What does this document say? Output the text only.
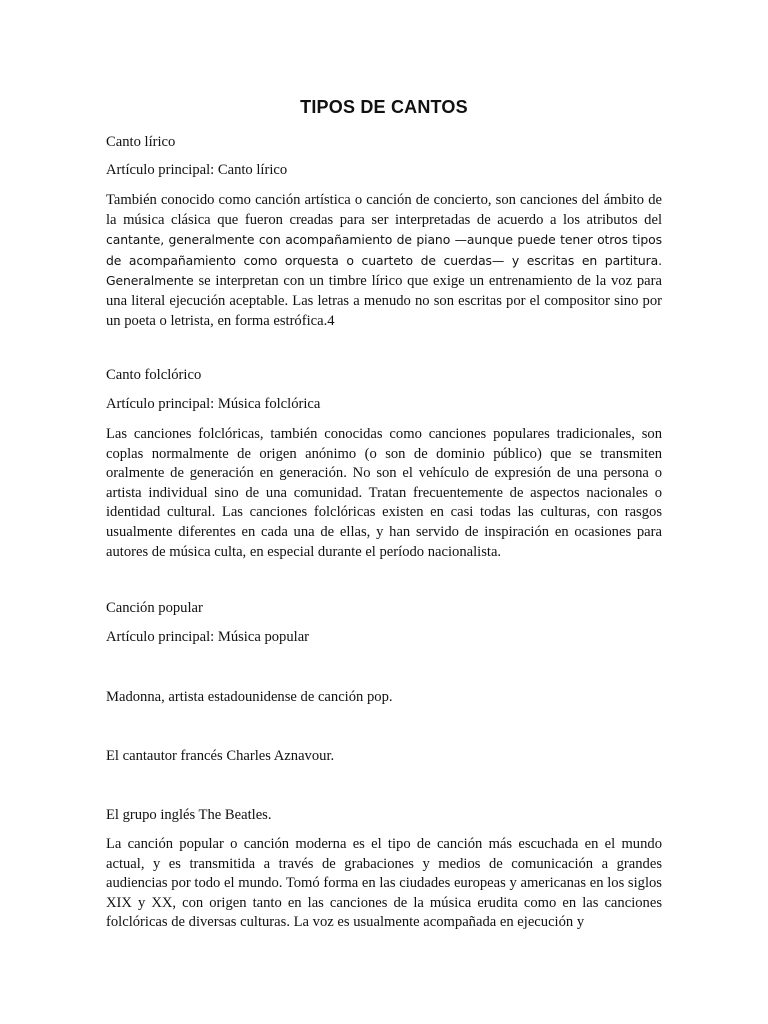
TIPOS DE CANTOS
Canto lírico
Artículo principal: Canto lírico
También conocido como canción artística o canción de concierto, son canciones del ámbito de la música clásica que fueron creadas para ser interpretadas de acuerdo a los atributos del cantante, generalmente con acompañamiento de piano —aunque puede tener otros tipos de acompañamiento como orquesta o cuarteto de cuerdas— y escritas en partitura. Generalmente se interpretan con un timbre lírico que exige un entrenamiento de la voz para una literal ejecución aceptable. Las letras a menudo no son escritas por el compositor sino por un poeta o letrista, en forma estrófica.4
Canto folclórico
Artículo principal: Música folclórica
Las canciones folclóricas, también conocidas como canciones populares tradicionales, son coplas normalmente de origen anónimo (o son de dominio público) que se transmiten oralmente de generación en generación. No son el vehículo de expresión de una persona o artista individual sino de una comunidad. Tratan frecuentemente de aspectos nacionales o identidad cultural. Las canciones folclóricas existen en casi todas las culturas, con rasgos usualmente diferentes en cada una de ellas, y han servido de inspiración en ocasiones para autores de música culta, en especial durante el período nacionalista.
Canción popular
Artículo principal: Música popular
Madonna, artista estadounidense de canción pop.
El cantautor francés Charles Aznavour.
El grupo inglés The Beatles.
La canción popular o canción moderna es el tipo de canción más escuchada en el mundo actual, y es transmitida a través de grabaciones y medios de comunicación a grandes audiencias por todo el mundo. Tomó forma en las ciudades europeas y americanas en los siglos XIX y XX, con origen tanto en las canciones de la música erudita como en las canciones folclóricas de diversas culturas. La voz es usualmente acompañada en ejecución y
